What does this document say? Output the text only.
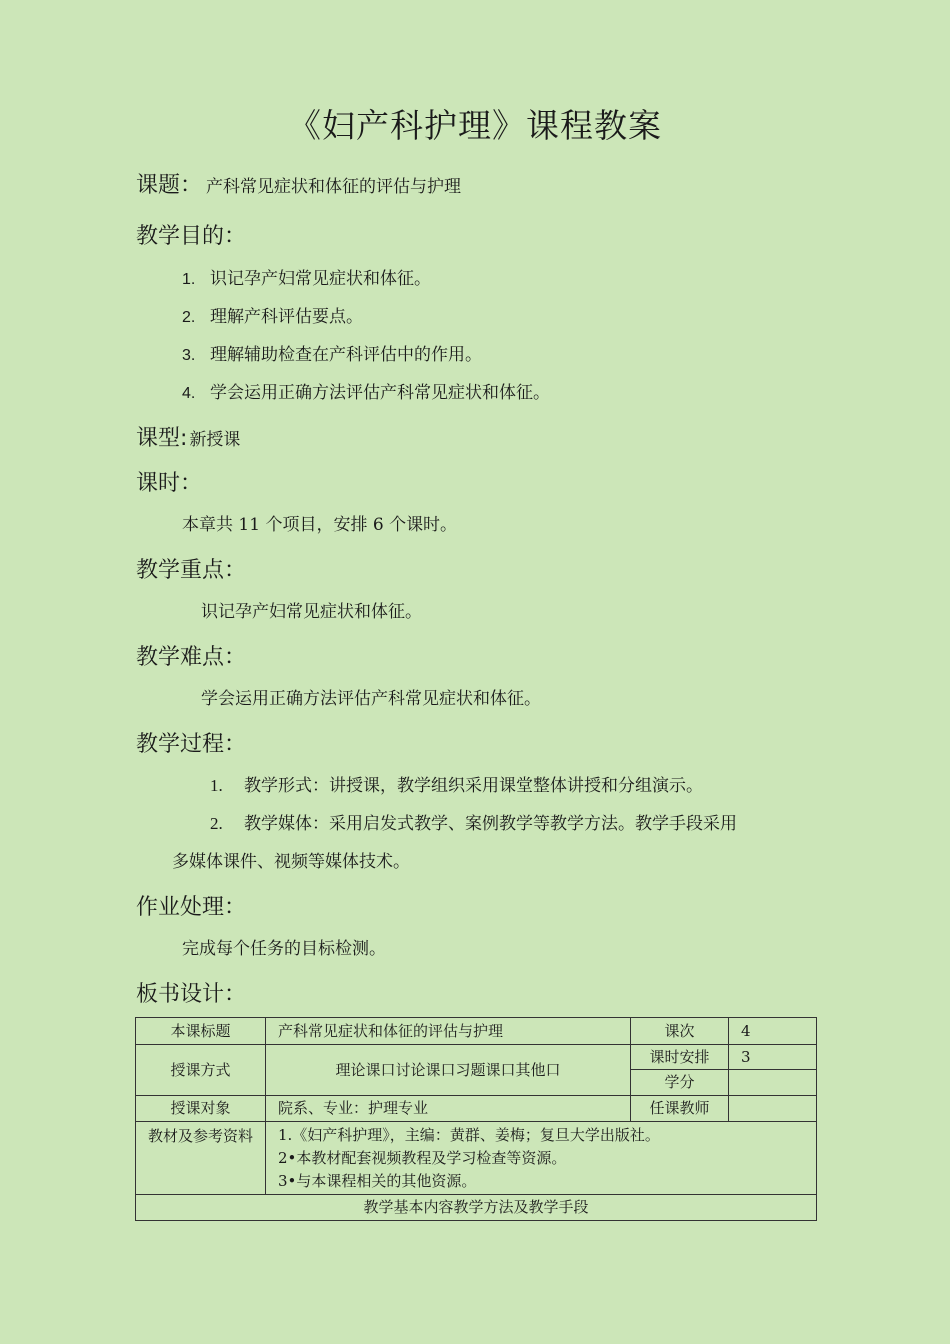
《妇产科护理》课程教案
课题： 产科常见症状和体征的评估与护理
教学目的：
1. 识记孕产妇常见症状和体征。
2. 理解产科评估要点。
3. 理解辅助检查在产科评估中的作用。
4. 学会运用正确方法评估产科常见症状和体征。
课型: 新授课
课时：
本章共 11 个项目，安排 6 个课时。
教学重点：
识记孕产妇常见症状和体征。
教学难点：
学会运用正确方法评估产科常见症状和体征。
教学过程：
1. 教学形式：讲授课，教学组织采用课堂整体讲授和分组演示。
2. 教学媒体：采用启发式教学、案例教学等教学方法。教学手段采用
多媒体课件、视频等媒体技术。
作业处理：
完成每个任务的目标检测。
板书设计：
本课标题	产科常见症状和体征的评估与护理	课次	4
授课方式	理论课口讨论课口习题课口其他口	课时安排	3
		学分	
授课对象	院系、专业：护理专业	任课教师	
教材及参考资料	1.《妇产科护理》，主编：黄群、姜梅；复旦大学出版社。
2•本教材配套视频教程及学习检查等资源。
3•与本课程相关的其他资源。		

教学基本内容教学方法及教学手段			
